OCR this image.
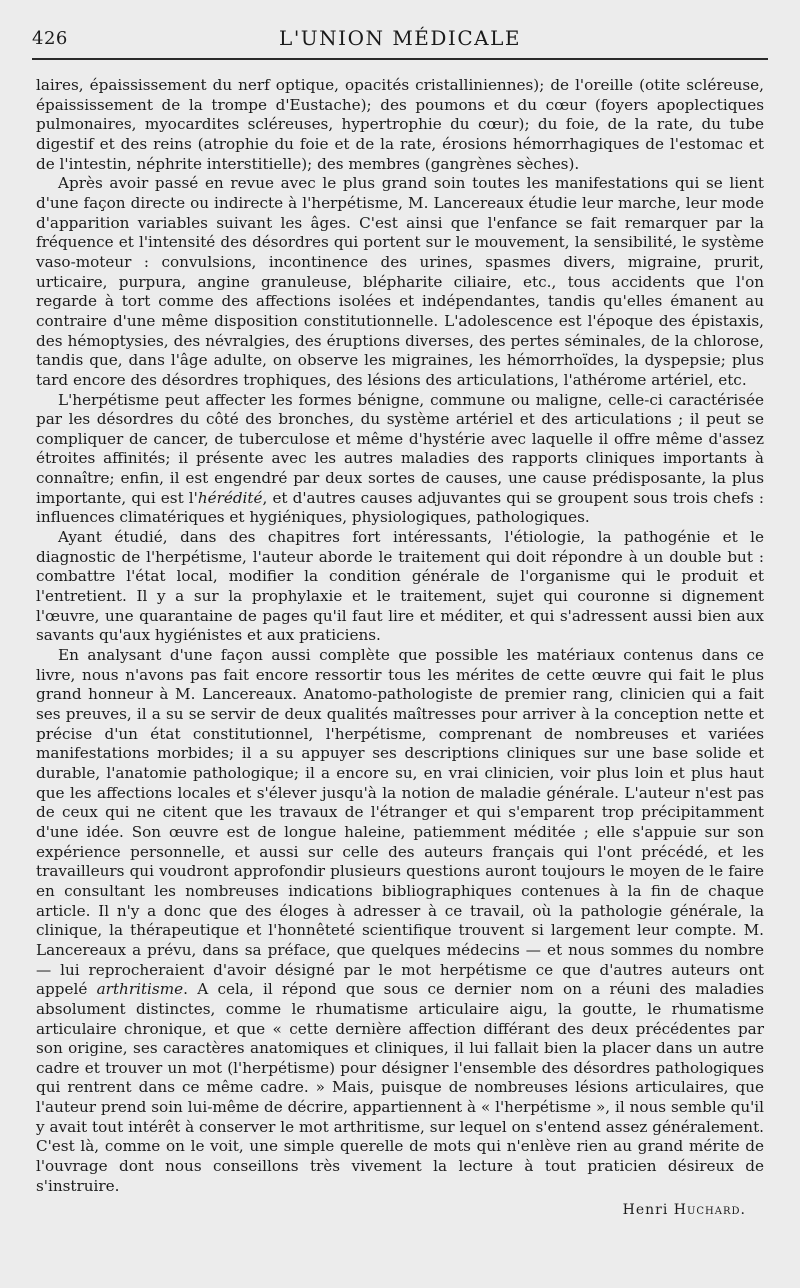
426	L'UNION MÉDICALE

laires, épaississement du nerf optique, opacités cristalliniennes); de l'oreille (otite scléreuse, épaississement de la trompe d'Eustache); des poumons et du cœur (foyers apoplectiques pulmonaires, myocardites scléreuses, hypertrophie du cœur); du foie, de la rate, du tube digestif et des reins (atrophie du foie et de la rate, érosions hémorrhagiques de l'estomac et de l'intestin, néphrite interstitielle); des membres (gangrènes sèches).

Après avoir passé en revue avec le plus grand soin toutes les manifestations qui se lient d'une façon directe ou indirecte à l'herpétisme, M. Lancereaux étudie leur marche, leur mode d'apparition variables suivant les âges. C'est ainsi que l'enfance se fait remarquer par la fréquence et l'intensité des désordres qui portent sur le mouvement, la sensibilité, le système vaso-moteur : convulsions, incontinence des urines, spasmes divers, migraine, prurit, urticaire, purpura, angine granuleuse, blépharite ciliaire, etc., tous accidents que l'on regarde à tort comme des affections isolées et indépendantes, tandis qu'elles émanent au contraire d'une même disposition constitutionnelle. L'adolescence est l'époque des épistaxis, des hémoptysies, des névralgies, des éruptions diverses, des pertes séminales, de la chlorose, tandis que, dans l'âge adulte, on observe les migraines, les hémorrhoïdes, la dyspepsie; plus tard encore des désordres trophiques, des lésions des articulations, l'athérome artériel, etc.

L'herpétisme peut affecter les formes bénigne, commune ou maligne, celle-ci caractérisée par les désordres du côté des bronches, du système artériel et des articulations ; il peut se compliquer de cancer, de tuberculose et même d'hystérie avec laquelle il offre même d'assez étroites affinités; il présente avec les autres maladies des rapports cliniques importants à connaître; enfin, il est engendré par deux sortes de causes, une cause prédisposante, la plus importante, qui est l'hérédité, et d'autres causes adjuvantes qui se groupent sous trois chefs : influences climatériques et hygiéniques, physiologiques, pathologiques.

Ayant étudié, dans des chapitres fort intéressants, l'étiologie, la pathogénie et le diagnostic de l'herpétisme, l'auteur aborde le traitement qui doit répondre à un double but : combattre l'état local, modifier la condition générale de l'organisme qui le produit et l'entretient. Il y a sur la prophylaxie et le traitement, sujet qui couronne si dignement l'œuvre, une quarantaine de pages qu'il faut lire et méditer, et qui s'adressent aussi bien aux savants qu'aux hygiénistes et aux praticiens.

En analysant d'une façon aussi complète que possible les matériaux contenus dans ce livre, nous n'avons pas fait encore ressortir tous les mérites de cette œuvre qui fait le plus grand honneur à M. Lancereaux. Anatomo-pathologiste de premier rang, clinicien qui a fait ses preuves, il a su se servir de deux qualités maîtresses pour arriver à la conception nette et précise d'un état constitutionnel, l'herpétisme, comprenant de nombreuses et variées manifestations morbides; il a su appuyer ses descriptions cliniques sur une base solide et durable, l'anatomie pathologique; il a encore su, en vrai clinicien, voir plus loin et plus haut que les affections locales et s'élever jusqu'à la notion de maladie générale. L'auteur n'est pas de ceux qui ne citent que les travaux de l'étranger et qui s'emparent trop précipitamment d'une idée. Son œuvre est de longue haleine, patiemment méditée ; elle s'appuie sur son expérience personnelle, et aussi sur celle des auteurs français qui l'ont précédé, et les travailleurs qui voudront approfondir plusieurs questions auront toujours le moyen de le faire en consultant les nombreuses indications bibliographiques contenues à la fin de chaque article. Il n'y a donc que des éloges à adresser à ce travail, où la pathologie générale, la clinique, la thérapeutique et l'honnêteté scientifique trouvent si largement leur compte. M. Lancereaux a prévu, dans sa préface, que quelques médecins — et nous sommes du nombre — lui reprocheraient d'avoir désigné par le mot herpétisme ce que d'autres auteurs ont appelé arthritisme. A cela, il répond que sous ce dernier nom on a réuni des maladies absolument distinctes, comme le rhumatisme articulaire aigu, la goutte, le rhumatisme articulaire chronique, et que « cette dernière affection différant des deux précédentes par son origine, ses caractères anatomiques et cliniques, il lui fallait bien la placer dans un autre cadre et trouver un mot (l'herpétisme) pour désigner l'ensemble des désordres pathologiques qui rentrent dans ce même cadre. » Mais, puisque de nombreuses lésions articulaires, que l'auteur prend soin lui-même de décrire, appartiennent à « l'herpétisme », il nous semble qu'il y avait tout intérêt à conserver le mot arthritisme, sur lequel on s'entend assez généralement. C'est là, comme on le voit, une simple querelle de mots qui n'enlève rien au grand mérite de l'ouvrage dont nous conseillons très vivement la lecture à tout praticien désireux de s'instruire.

Henri Huchard.
